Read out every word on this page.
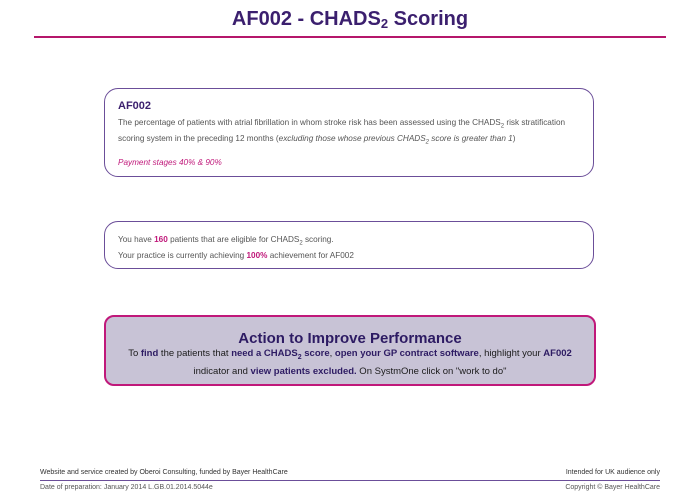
$AF002 - CHADS_2$ Scoring
AF002
The percentage of patients with atrial fibrillation in whom stroke risk has been assessed using the $CHADS_2$ risk stratification scoring system in the preceding 12 months (excluding those whose previous $CHADS_2$ score is greater than 1)
Payment stages 40% & 90%
You have 160 patients that are eligible for $CHADS_2$ scoring.
Your practice is currently achieving 100% achievement for AF002
Action to Improve Performance
To find the patients that need a $CHADS_2$ score, open your GP contract software, highlight your AF002 indicator and view patients excluded. On SystmOne click on "work to do"
Website and service created by Oberoi Consulting, funded by Bayer HealthCare	Intended for UK audience only
Date of preparation: January 2014 L.GB.01.2014.5044e	Copyright © Bayer HealthCare
